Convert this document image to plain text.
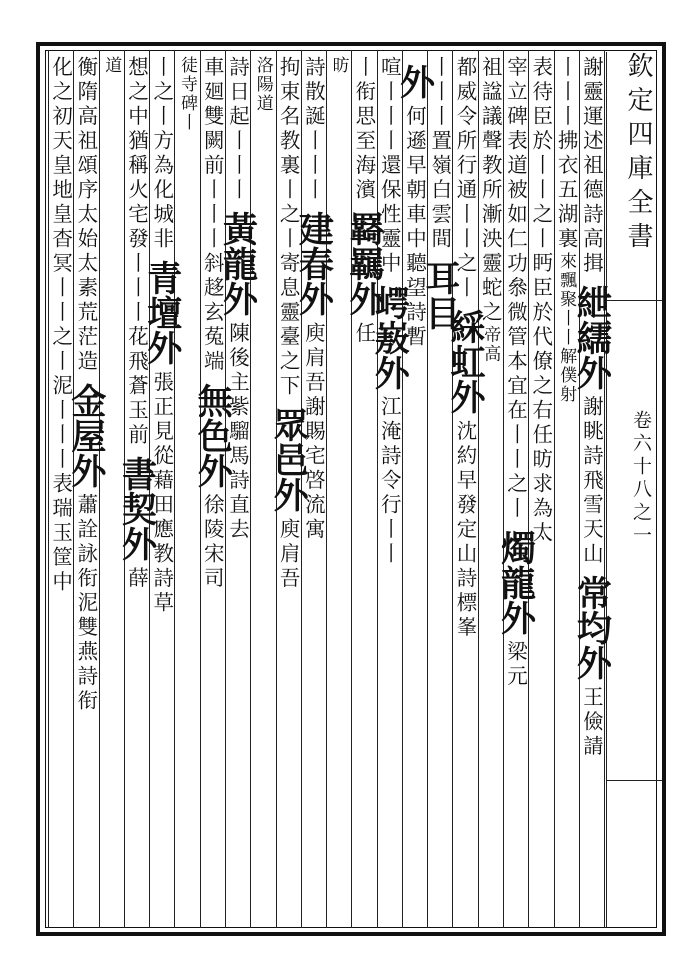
欽定四庫全書
卷六十八之一
謝靈運述祖德詩高揖紲繻外謝眺詩飛雪天山常均外王儉請
丨丨丨拂衣五湖裏來飄聚丨丨解僕射
表待臣於丨丨之丨眄臣於代僚之右任昉求為太
宰立碑表道被如仁功叅微管本宜在丨丨之丨燭龍外梁元
祖諡議聲教所漸泱靈蛇之帝高
都威令所行通丨丨之丨綵虹外沈約早發定山詩標峯
丨丨丨置嶺白雲間耳目
外何遜早朝車中聽望詩暫
喧丨丨丨還保性靈中崿㟼外江淹詩令行丨丨
丨衔思至海濱羇羈外任
昉
詩散誕丨丨丨建春外庾肩吾謝賜宅啓流寓
拘束名教裏丨之丨寄息靈臺之下眾邑外庾肩吾
洛陽道
詩日起丨丨丨黃龍外陳後主紫騮馬詩直去
車廻雙闕前丨丨丨斜趍玄菟端無色外徐陵宋司
徒寺碑丨
丨之丨方為化城非青壇外張正見從藉田應教詩草
想之中猶稱火宅發丨丨丨花飛蒼玉前書契外薛
道
衡隋高祖頌序太始太素荒茫造金屋外蕭詮詠衔泥雙燕詩衔
化之初天皇地皇杳冥丨丨之丨泥丨丨丨表瑞玉筐中
